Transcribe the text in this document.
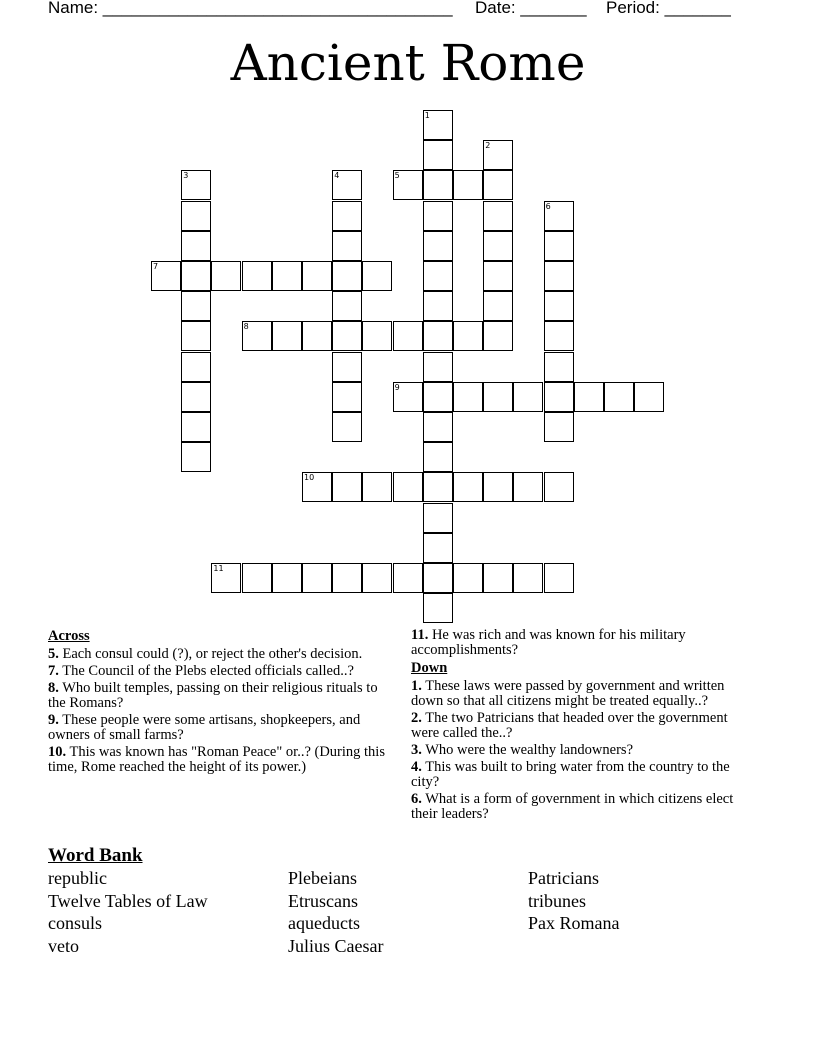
Name: _____________________________________ Date: _______ Period: _______
Ancient Rome
1
2
3	4	5
6
7
8
9
10
11
Across
5. Each consul could (?), or reject the other's decision.
7. The Council of the Plebs elected officials called..?
8. Who built temples, passing on their religious rituals to the Romans?
9. These people were some artisans, shopkeepers, and owners of small farms?
10. This was known has "Roman Peace" or..? (During this time, Rome reached the height of its power.)
11. He was rich and was known for his military accomplishments?
Down
1. These laws were passed by government and written down so that all citizens might be treated equally..?
2. The two Patricians that headed over the government were called the..?
3. Who were the wealthy landowners?
4. This was built to bring water from the country to the city?
6. What is a form of government in which citizens elect their leaders?
Word Bank
republic	Plebeians	Patricians
Twelve Tables of Law	Etruscans	tribunes
consuls	aqueducts	Pax Romana
veto	Julius Caesar
